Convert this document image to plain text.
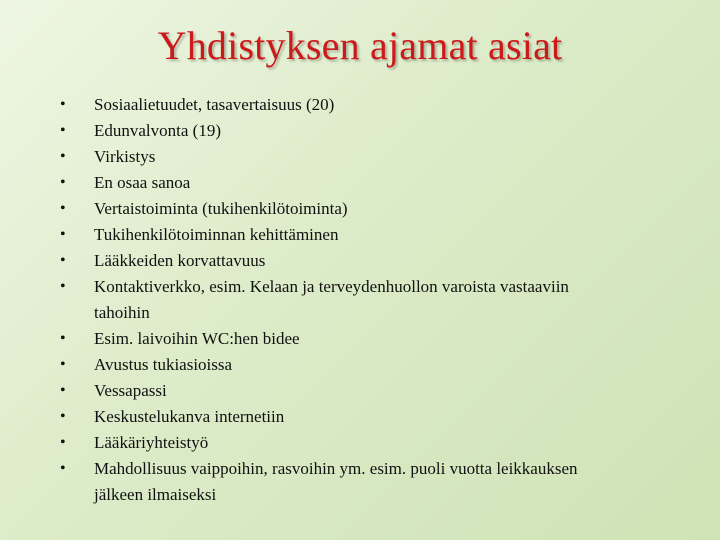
Yhdistyksen ajamat asiat
•	Sosiaalietuudet, tasavertaisuus (20)
•	Edunvalvonta (19)
•	Virkistys
•	En osaa sanoa
•	Vertaistoiminta (tukihenkilötoiminta)
•	Tukihenkilötoiminnan kehittäminen
•	Lääkkeiden korvattavuus
•	Kontaktiverkko, esim. Kelaan ja terveydenhuollon varoista vastaaviin
tahoihin
•	Esim. laivoihin WC:hen bidee
•	Avustus tukiasioissa
•	Vessapassi
•	Keskustelukanva internetiin
•	Lääkäriyhteistyö
•	Mahdollisuus vaippoihin, rasvoihin ym. esim. puoli vuotta leikkauksen
jälkeen ilmaiseksi
